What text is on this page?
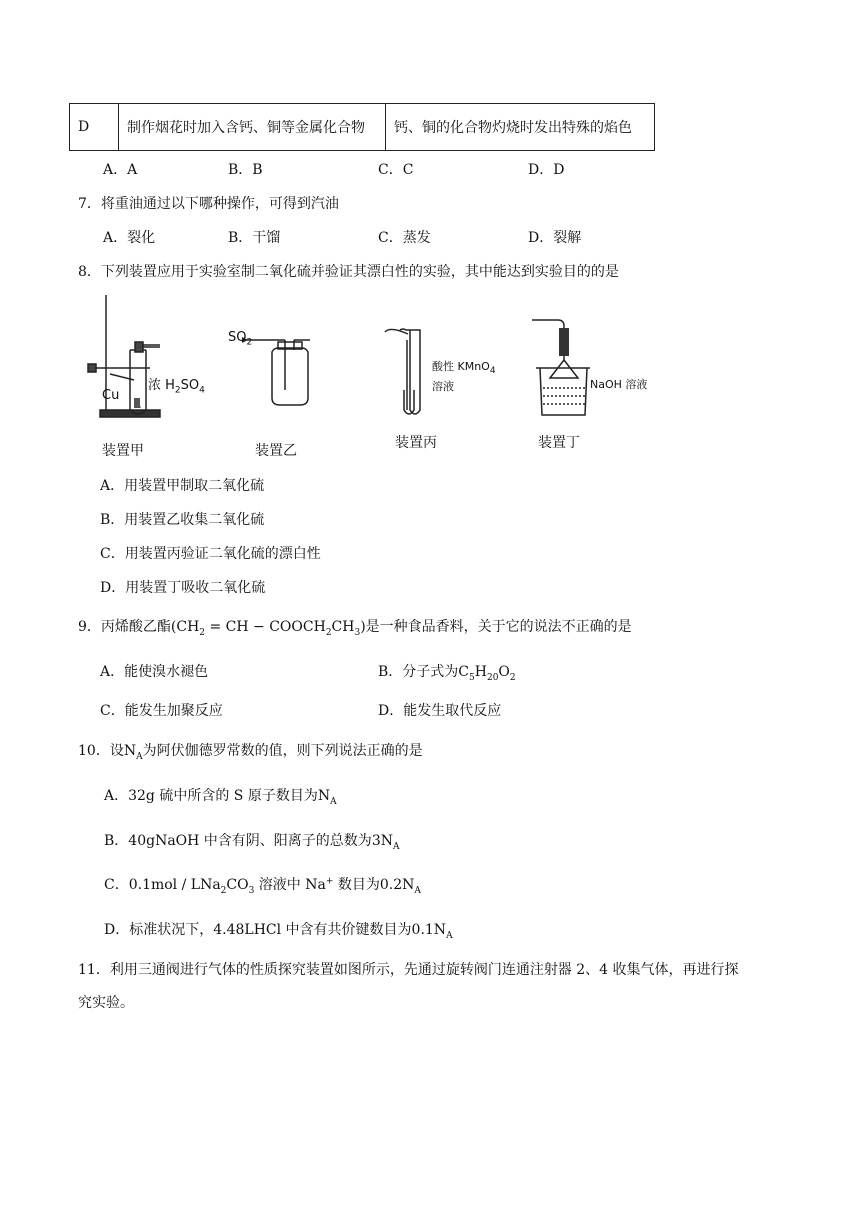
D	制作烟花时加入含钙、铜等金属化合物	钙、铜的化合物灼烧时发出特殊的焰色
A．A	B．B	C．C	D．D
7．将重油通过以下哪种操作，可得到汽油
A．裂化	B．干馏	C．蒸发	D．裂解
8．下列装置应用于实验室制二氧化硫并验证其漂白性的实验，其中能达到实验目的的是
Cu
浓 $H_2SO_4$
$SO_2$
酸性 KMnO$_4$
溶液	NaOH 溶液
装置甲	装置乙	装置丙	装置丁
A．用装置甲制取二氧化硫
B．用装置乙收集二氧化硫
C．用装置丙验证二氧化硫的漂白性
D．用装置丁吸收二氧化硫
9．丙烯酸乙酯($CH_2$ = CH − $COOCH_2CH_3$)是一种食品香料，关于它的说法不正确的是
A．能使溴水褪色	B．分子式为$C_5H_{20}O_2$
C．能发生加聚反应	D．能发生取代反应
10．设$N_A$为阿伏伽德罗常数的值，则下列说法正确的是
A．32g 硫中所含的 S 原子数目为$N_A$
B．40gNaOH 中含有阴、阳离子的总数为$3N_A$
C．$0.1mol / LNa_2CO_3$ 溶液中 Na+ 数目为$0.2N_A$
D．标准状况下，4.48LHCl 中含有共价键数目为$0.1N_A$
11．利用三通阀进行气体的性质探究装置如图所示，先通过旋转阀门连通注射器 2、4 收集气体，再进行探
究实验。
